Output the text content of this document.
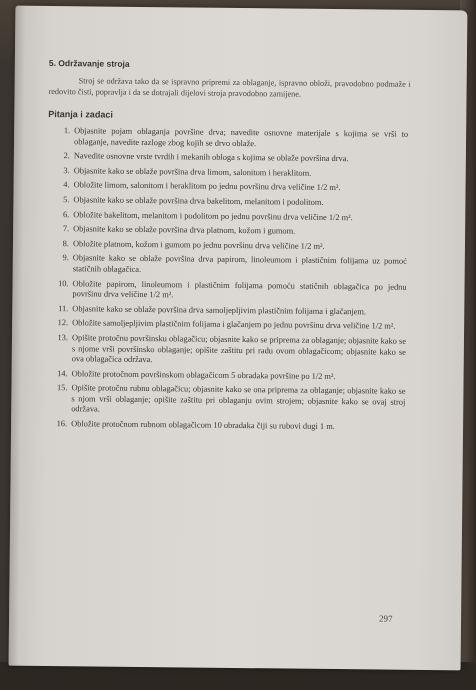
5. Održavanje stroja

Stroj se održava tako da se ispravno pripremi za oblaganje, ispravno obloži, pravodobno podmaže i redovito čisti, popravlja i da se dotrajali dijelovi stroja pravodobno zamijene.

Pitanja i zadaci
1. Objasnite pojam oblaganja površine drva; navedite osnovne materijale s kojima se vrši to oblaganje, navedite razloge zbog kojih se drvo oblaže.
2. Navedite osnovne vrste tvrdih i mekanih obloga s kojima se oblaže površina drva.
3. Objasnite kako se oblaže površina drva limom, salonitom i heraklitom.
4. Obložite limom, salonitom i heraklitom po jednu površinu drva veličine 1/2 m².
5. Objasnite kako se oblaže površina drva bakelitom, melanitom i podolitom.
6. Obložite bakelitom, melanitom i podolitom po jednu površinu drva veličine 1/2 m².
7. Objasnite kako se oblaže površina drva platnom, kožom i gumom.
8. Obložite platnom, kožom i gumom po jednu površinu drva veličine 1/2 m².
9. Objasnite kako se oblaže površina drva papirom, linoleumom i plastičnim folijama uz pomoć statičnih oblagačica.
10. Obložite papirom, linoleumom i plastičnim folijama pomoću statičnih oblagačica po jednu površinu drva veličine 1/2 m².
11. Objasnite kako se oblaže površina drva samoljepljivim plastičnim folijama i glačanjem.
12. Obložite samoljepljivim plastičnim folijama i glačanjem po jednu površinu drva veličine 1/2 m².
13. Opišite protočnu površinsku oblagačicu; objasnite kako se priprema za oblaganje; objasnite kako se s njome vrši površinsko oblaganje; opišite zaštitu pri radu ovom oblagačicom; objasnite kako se ova oblagačica održava.
14. Obložite protočnom površinskom oblagačicom 5 obradaka površine po 1/2 m².
15. Opišite protočnu rubnu oblagačicu; objasnite kako se ona priprema za oblaganje; objasnite kako se s njom vrši oblaganje; opišite zaštitu pri oblaganju ovim strojem; objasnite kako se ovaj stroj održava.
16. Obložite protočnom rubnom oblagačicom 10 obradaka čiji su rubovi dugi 1 m.
297
